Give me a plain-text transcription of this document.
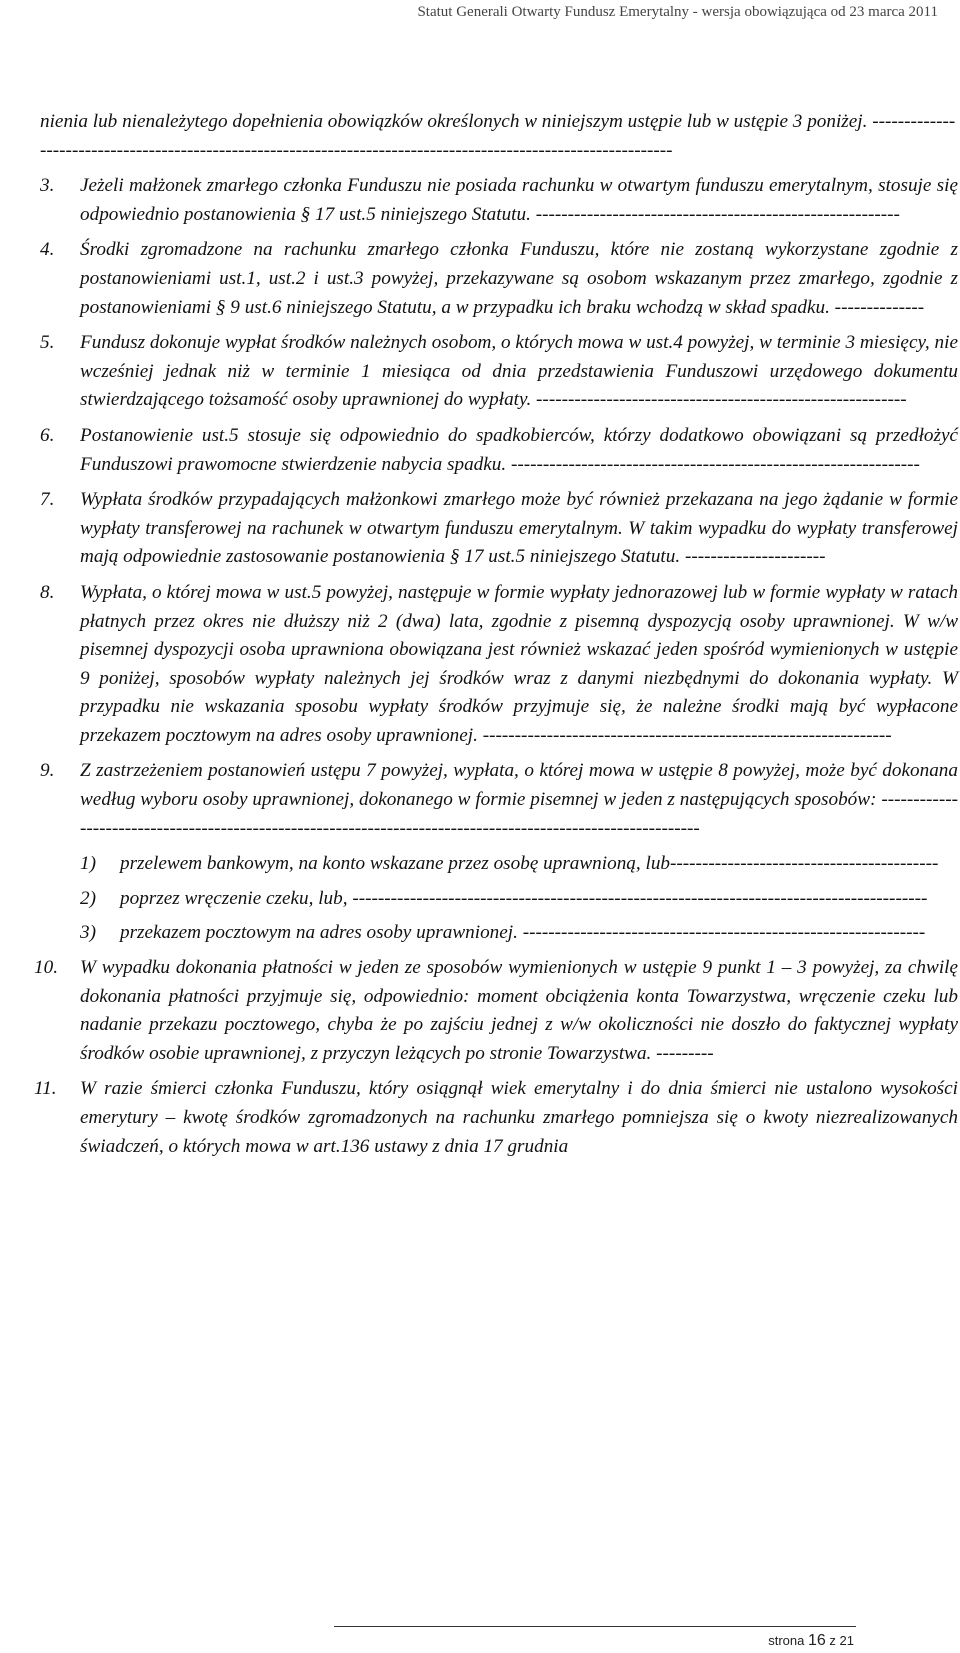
Statut Generali Otwarty Fundusz Emerytalny - wersja obowiązująca od 23 marca 2011

nienia lub nienależytego dopełnienia obowiązków określonych w niniejszym ustępie lub w ustępie 3 poniżej. ----------------------------------------------------------------------------------------------------------------

3. Jeżeli małżonek zmarłego członka Funduszu nie posiada rachunku w otwartym funduszu emerytalnym, stosuje się odpowiednio postanowienia § 17 ust.5 niniejszego Statutu. ---------------------------------------------------------
4. Środki zgromadzone na rachunku zmarłego członka Funduszu, które nie zostaną wykorzystane zgodnie z postanowieniami ust.1, ust.2 i ust.3 powyżej, przekazywane są osobom wskazanym przez zmarłego, zgodnie z postanowieniami § 9 ust.6 niniejszego Statutu, a w przypadku ich braku wchodzą w skład spadku. --------------
5. Fundusz dokonuje wypłat środków należnych osobom, o których mowa w ust.4 powyżej, w terminie 3 miesięcy, nie wcześniej jednak niż w terminie 1 miesiąca od dnia przedstawienia Funduszowi urzędowego dokumentu stwierdzającego tożsamość osoby uprawnionej do wypłaty. ----------------------------------------------------------
6. Postanowienie ust.5 stosuje się odpowiednio do spadkobierców, którzy dodatkowo obowiązani są przedłożyć Funduszowi prawomocne stwierdzenie nabycia spadku. ----------------------------------------------------------------
7. Wypłata środków przypadających małżonkowi zmarłego może być również przekazana na jego żądanie w formie wypłaty transferowej na rachunek w otwartym funduszu emerytalnym. W takim wypadku do wypłaty transferowej mają odpowiednie zastosowanie postanowienia § 17 ust.5 niniejszego Statutu. ----------------------
8. Wypłata, o której mowa w ust.5 powyżej, następuje w formie wypłaty jednorazowej lub w formie wypłaty w ratach płatnych przez okres nie dłuższy niż 2 (dwa) lata, zgodnie z pisemną dyspozycją osoby uprawnionej. W w/w pisemnej dyspozycji osoba uprawniona obowiązana jest również wskazać jeden spośród wymienionych w ustępie 9 poniżej, sposobów wypłaty należnych jej środków wraz z danymi niezbędnymi do dokonania wypłaty. W przypadku nie wskazania sposobu wypłaty środków przyjmuje się, że należne środki mają być wypłacone przekazem pocztowym na adres osoby uprawnionej. ----------------------------------------------------------------
9. Z zastrzeżeniem postanowień ustępu 7 powyżej, wypłata, o której mowa w ustępie 8 powyżej, może być dokonana według wyboru osoby uprawnionej, dokonanego w formie pisemnej w jeden z następujących sposobów: -------------------------------------------------------------------------------------------------------------
1) przelewem bankowym, na konto wskazane przez osobę uprawnioną, lub------------------------------------------
2) poprzez wręczenie czeku, lub, ------------------------------------------------------------------------------------------
3) przekazem pocztowym na adres osoby uprawnionej. ---------------------------------------------------------------
10. W wypadku dokonania płatności w jeden ze sposobów wymienionych w ustępie 9 punkt 1 – 3 powyżej, za chwilę dokonania płatności przyjmuje się, odpowiednio: moment obciążenia konta Towarzystwa, wręczenie czeku lub nadanie przekazu pocztowego, chyba że po zajściu jednej z w/w okoliczności nie doszło do faktycznej wypłaty środków osobie uprawnionej, z przyczyn leżących po stronie Towarzystwa. ---------
11. W razie śmierci członka Funduszu, który osiągnął wiek emerytalny i do dnia śmierci nie ustalono wysokości emerytury – kwotę środków zgromadzonych na rachunku zmarłego pomniejsza się o kwoty niezrealizowanych świadczeń, o których mowa w art.136 ustawy z dnia 17 grudnia
strona 16 z 21
